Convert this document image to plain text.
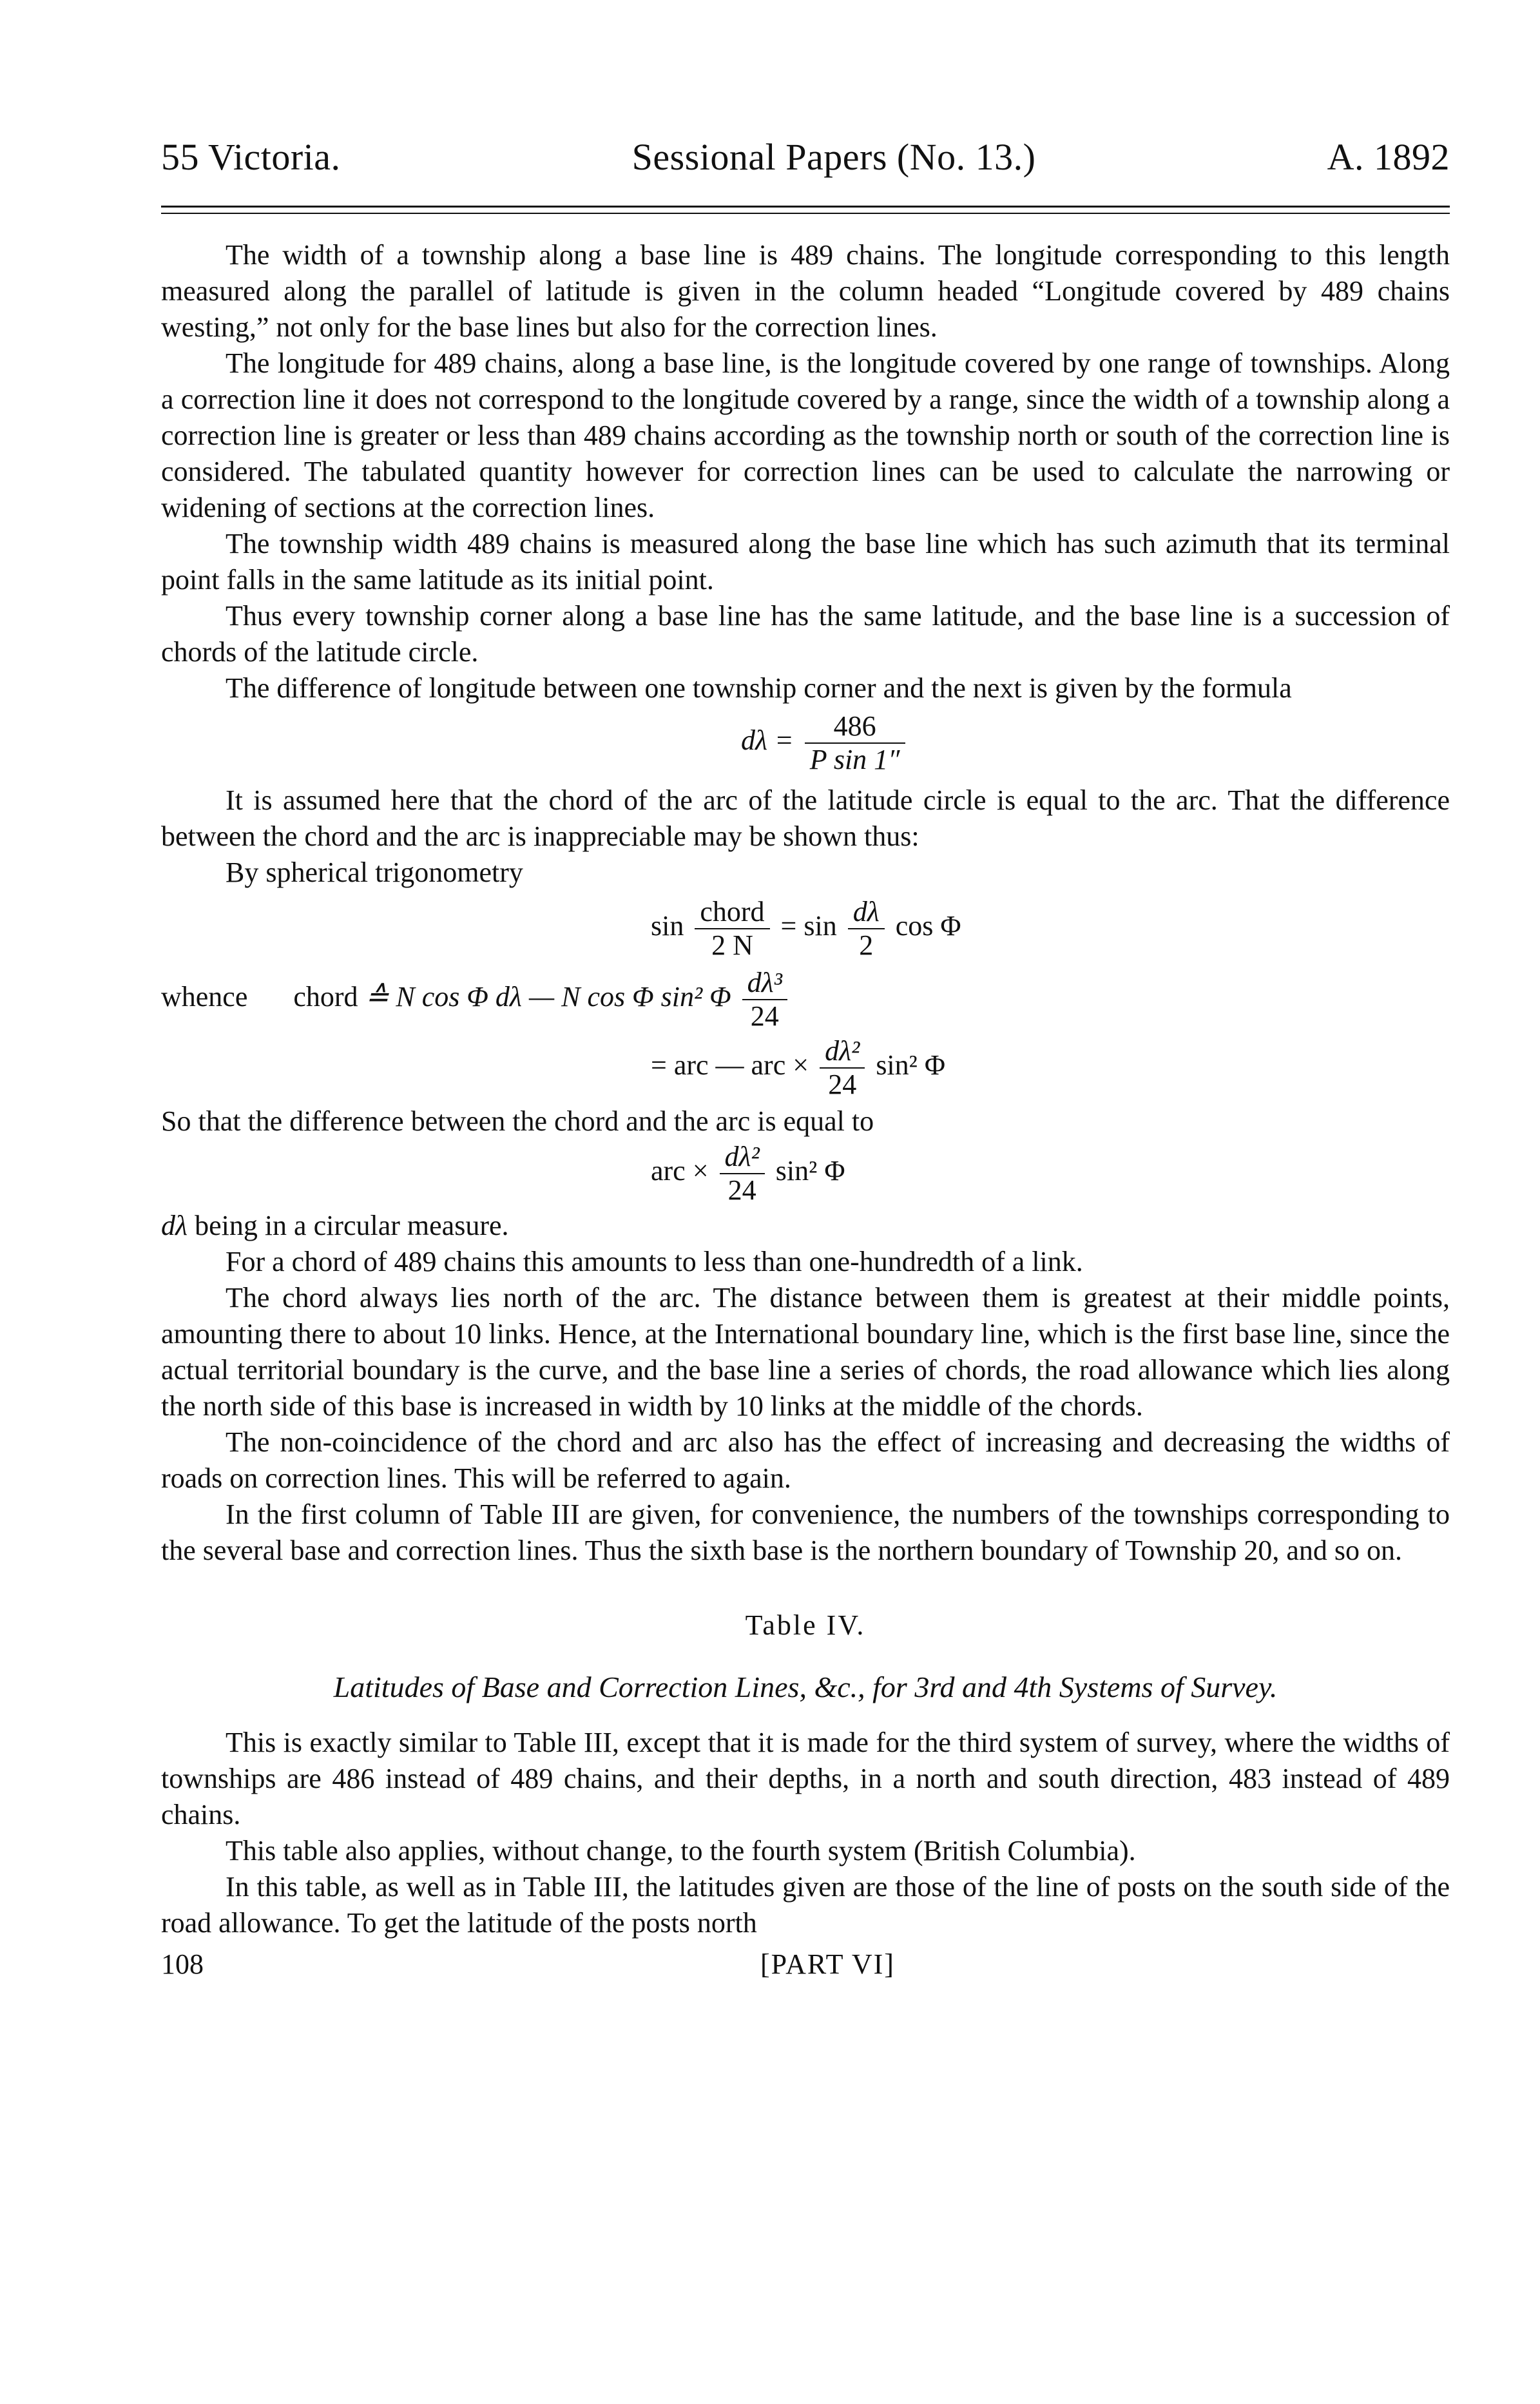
55 Victoria.	Sessional Papers (No. 13.)	A. 1892

The width of a township along a base line is 489 chains. The longitude corresponding to this length measured along the parallel of latitude is given in the column headed “Longitude covered by 489 chains westing,” not only for the base lines but also for the correction lines.

The longitude for 489 chains, along a base line, is the longitude covered by one range of townships. Along a correction line it does not correspond to the longitude covered by a range, since the width of a township along a correction line is greater or less than 489 chains according as the township north or south of the correction line is considered. The tabulated quantity however for correction lines can be used to calculate the narrowing or widening of sections at the correction lines.

The township width 489 chains is measured along the base line which has such azimuth that its terminal point falls in the same latitude as its initial point.

Thus every township corner along a base line has the same latitude, and the base line is a succession of chords of the latitude circle.

The difference of longitude between one township corner and the next is given by the formula

$d\lambda = \frac{486}{\text{P sin 1″}}$

It is assumed here that the chord of the arc of the latitude circle is equal to the arc. That the difference between the chord and the arc is inappreciable may be shown thus:

By spherical trigonometry

$\sin \frac{\text{chord}}{2 N} = \sin \frac{d\lambda}{2}$ cos Φ
whence chord ≙ N cos Φ dλ — N cos Φ sin² Φ $\frac{\text{dλ³}}{24}$
= arc — arc × $\frac{\text{dλ²}}{24} \sin^2$ Φ

So that the difference between the chord and the arc is equal to

arc × $\frac{\text{dλ²}}{24} \sin^2$ Φ

dλ being in a circular measure.

For a chord of 489 chains this amounts to less than one-hundredth of a link.

The chord always lies north of the arc. The distance between them is greatest at their middle points, amounting there to about 10 links. Hence, at the International boundary line, which is the first base line, since the actual territorial boundary is the curve, and the base line a series of chords, the road allowance which lies along the north side of this base is increased in width by 10 links at the middle of the chords.

The non-coincidence of the chord and arc also has the effect of increasing and decreasing the widths of roads on correction lines. This will be referred to again.

In the first column of Table III are given, for convenience, the numbers of the townships corresponding to the several base and correction lines. Thus the sixth base is the northern boundary of Township 20, and so on.

Table IV.
Latitudes of Base and Correction Lines, &c., for 3rd and 4th Systems of Survey.

This is exactly similar to Table III, except that it is made for the third system of survey, where the widths of townships are 486 instead of 489 chains, and their depths, in a north and south direction, 483 instead of 489 chains.

This table also applies, without change, to the fourth system (British Columbia).

In this table, as well as in Table III, the latitudes given are those of the line of posts on the south side of the road allowance. To get the latitude of the posts north

108	[PART VI]
